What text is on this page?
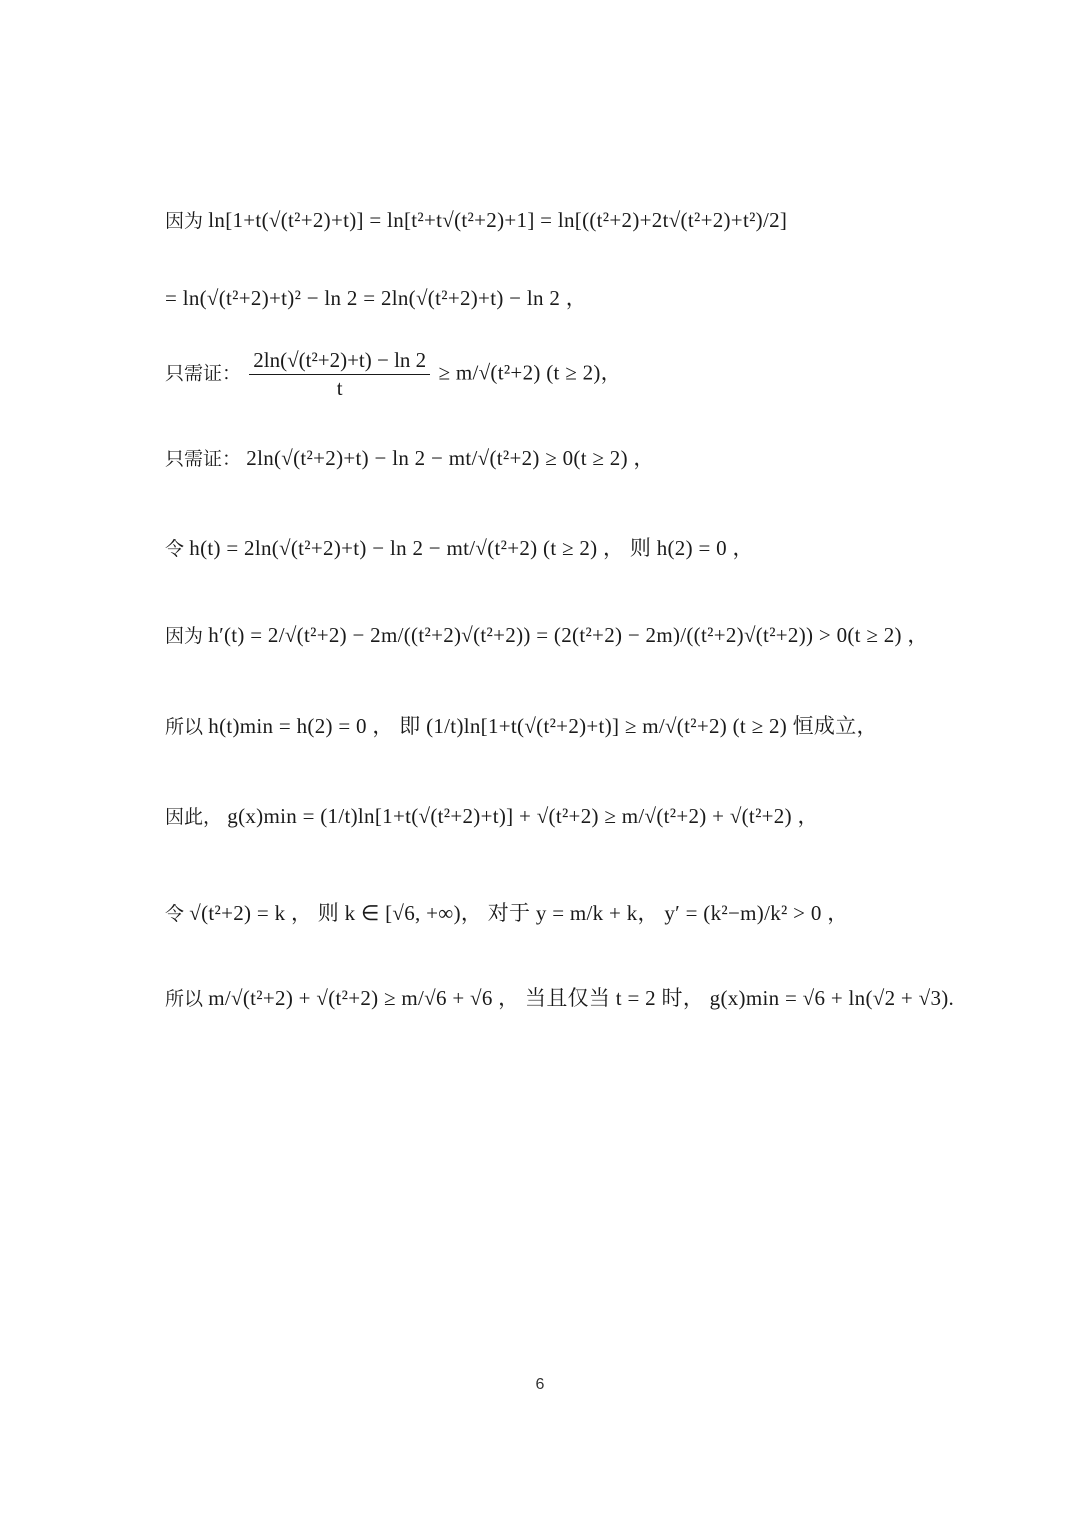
因为 ln[1+t(√(t²+2)+t)] = ln[t²+t√(t²+2)+1] = ln[((t²+2)+2t√(t²+2)+t²)/2]
= ln(√(t²+2)+t)² − ln 2 = 2ln(√(t²+2)+t) − ln 2 ，
只需证： $\frac{\text{2ln(√(t²+2)+t) − ln 2}}{t} \ge m/√(t^2+2) (t \ge 2)$，
只需证： 2ln(√(t²+2)+t) − ln 2 − mt/√(t²+2) ≥ 0(t ≥ 2) ，
令 h(t) = 2ln(√(t²+2)+t) − ln 2 − mt/√(t²+2) (t ≥ 2) ， 则 h(2) = 0 ，
因为 h′(t) = 2/√(t²+2) − 2m/((t²+2)√(t²+2)) = (2(t²+2) − 2m)/((t²+2)√(t²+2)) > 0(t ≥ 2) ，
所以 h(t)min = h(2) = 0 ， 即 (1/t)ln[1+t(√(t²+2)+t)] ≥ m/√(t²+2) (t ≥ 2) 恒成立，
因此， g(x)min = (1/t)ln[1+t(√(t²+2)+t)] + √(t²+2) ≥ m/√(t²+2) + √(t²+2) ，
令 √(t²+2) = k ， 则 k ∈ [√6, +∞)， 对于 y = m/k + k， y′ = (k²−m)/k² > 0 ，
所以 m/√(t²+2) + √(t²+2) ≥ m/√6 + √6 ， 当且仅当 t = 2 时， g(x)min = √6 + ln(√2 + √3).
6
